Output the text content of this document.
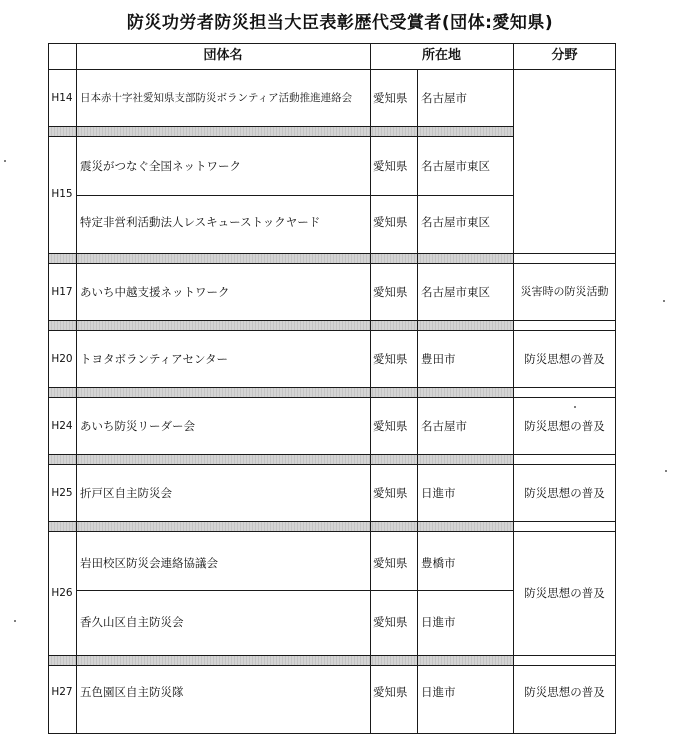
防災功労者防災担当大臣表彰歴代受賞者(団体:愛知県)
団体名	所在地	分野
H14 日本赤十字社愛知県支部防災ボランティア活動推進連絡会 愛知県 名古屋市
H15
震災がつなぐ全国ネットワーク	愛知県 名古屋市東区
特定非営利活動法人レスキューストックヤード	愛知県 名古屋市東区
H17 あいち中越支援ネットワーク	愛知県 名古屋市東区	災害時の防災活動
H20 トヨタボランティアセンター	愛知県 豊田市	防災思想の普及
H24 あいち防災リーダー会	愛知県 名古屋市	防災思想の普及
H25 折戸区自主防災会	愛知県 日進市	防災思想の普及
H26
岩田校区防災会連絡協議会	愛知県 豊橋市
防災思想の普及
香久山区自主防災会	愛知県 日進市
H27 五色園区自主防災隊	愛知県 日進市	防災思想の普及
